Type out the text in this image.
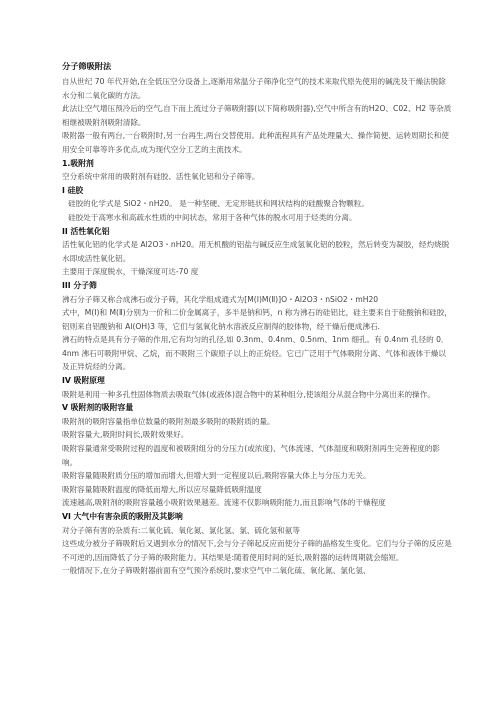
分子筛吸附法

自从世纪 70 年代开始,在全低压空分设备上,逐渐用常温分子筛净化空气的技术来取代原先使用的碱洗及干燥法脱除水分和二氧化碳的方法。

此法让空气增压预冷后的空气,自下而上流过分子筛吸附器(以下简称吸附器),空气中所含有的H2O、C02、H2 等杂质相继被吸附剂吸附清除。

吸附器一般有两台,一台吸附时,另一台再生,两台交替使用。此种流程具有产品处理量大、操作简便、运转周期长和使用安全可靠等许多优点,成为现代空分工艺的主流技术。

1.吸附剂

空分系统中常用的吸附剂有硅胶、活性氧化铝和分子筛等。

I 硅胶

硅胶的化学式是 SiO2・nH20。 是一种坚硬、无定形链状和网状结构的硅酸聚合物颗粒。

硅胶处于高寒水和高疏水性质的中间状态，常用于各种气体的脱水可用于烃类的分离。

II 活性氧化铝

活性氧化铝的化学式是 Al2O3・nH20。用无机酸的铝盐与碱反应生成氢氧化铝的胶粒，然后转变为凝胶，经灼烧脱水即成活性氧化铝。

主要用于深度脱水，干燥深度可达-70 度

III 分子筛

沸石分子筛又称合成沸石或分子筛，其化学组成通式为[M(I)M(Ⅱ)]O・Al2O3・nSiO2・mH20

式中，M(I)和 M(Ⅱ)分别为一价和二价金属离子，多半是钠和钙，n 称为沸石的硅铝比，硅主要来自于硅酸钠和硅胶，铝则来自铝酸钠和 Al(OH)3 等，它们与氢氧化钠水溶液反应制得的胶体物，经干燥后便成沸石.

沸石的特点是具有分子筛的作用,它有均匀的孔径,如 0.3nm、0.4nm、0.5nm、1nm 细孔。有 0.4nm 孔径的 0．4nm 沸石可吸附甲烷、乙烷，而不吸附三个碳原子以上的正烷烃。它已广泛用于气体吸附分离、气体和液体干燥以及正异烷烃的分离。

IV 吸附原理

吸附是利用一种多孔性固体物质去吸取气体(或液体)混合物中的某种组分,使该组分从混合物中分离出来的操作。

V 吸附剂的吸附容量

吸附剂的吸附容量指单位数量的吸附剂最多吸附的吸附质的量。

吸附容量大,吸附时间长,吸附效果好。

吸附容量通常受吸附过程的温度和被吸附组分的分压力(或浓度)、气体流速、气体湿度和吸附剂再生完善程度的影响。

吸附容量随吸附质分压的增加而增大,但增大到一定程度以后,吸附容量大体上与分压力无关。

吸附容量随吸附温度的降低而增大,所以应尽量降低吸附温度

流速越高,吸附剂的吸附容量越小吸附效果越差。流速不仅影响吸附能力,而且影响气体的干燥程度

VI 大气中有害杂质的吸附及其影响

对分子筛有害的杂质有:二氧化硫、氧化氮、氯化氢、氯、硫化氢和氨等

这些成分被分子筛吸附后又遇到水分的情况下,会与分子筛起反应而使分子筛的晶格发生变化。它们与分子筛的反应是不可逆的,因而降低了分子筛的吸附能力。其结果是:随着使用时间的延长,吸附器的运转周期就会缩短。

一般情况下,在分子筛吸附器前面有空气预冷系统时,要求空气中二氧化硫、氧化氮、氯化氢、
